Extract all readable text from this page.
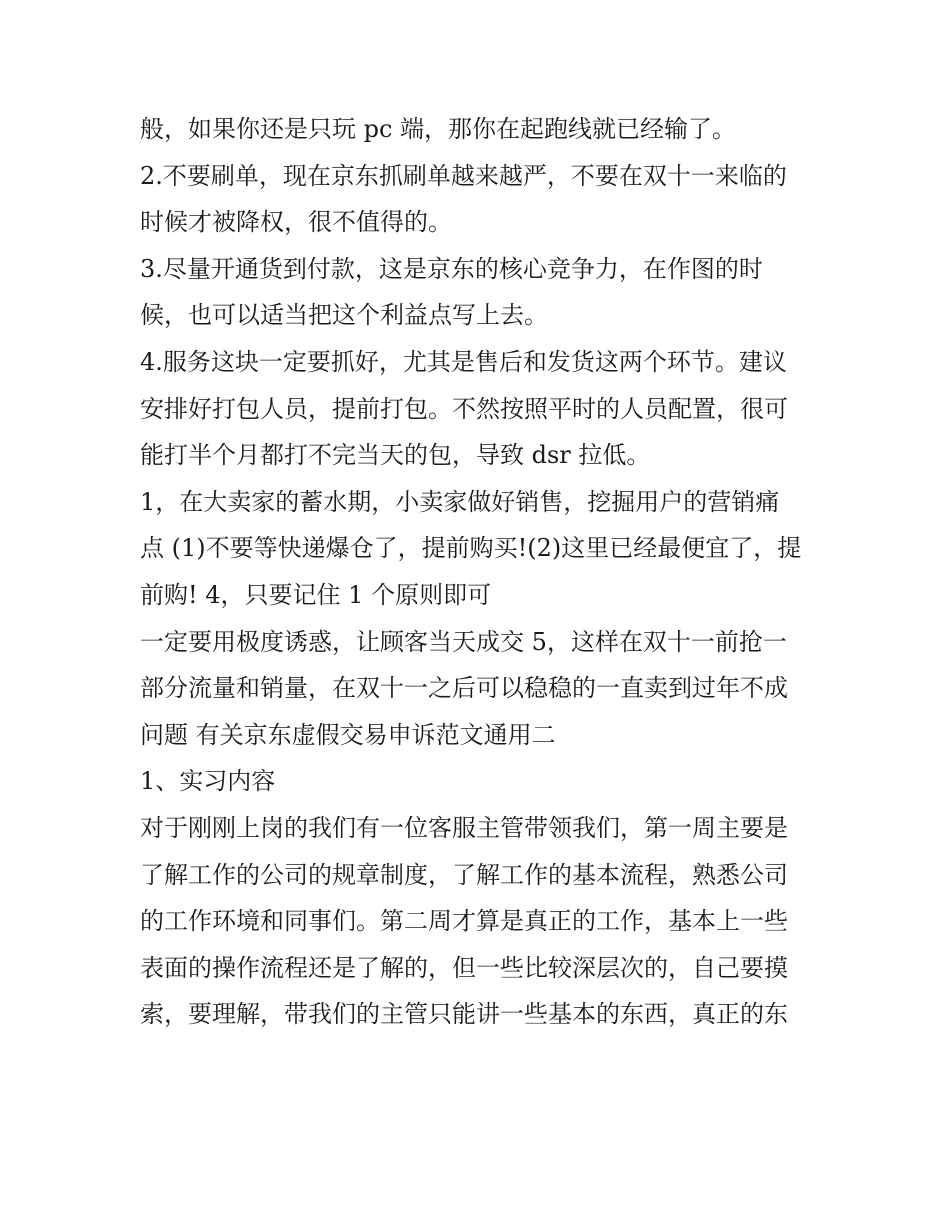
般，如果你还是只玩 pc 端，那你在起跑线就已经输了。
2.不要刷单，现在京东抓刷单越来越严，不要在双十一来临的
时候才被降权，很不值得的。
3.尽量开通货到付款，这是京东的核心竞争力，在作图的时
候，也可以适当把这个利益点写上去。
4.服务这块一定要抓好，尤其是售后和发货这两个环节。建议
安排好打包人员，提前打包。不然按照平时的人员配置，很可
能打半个月都打不完当天的包，导致 dsr 拉低。
1，在大卖家的蓄水期，小卖家做好销售，挖掘用户的营销痛
点 (1)不要等快递爆仓了，提前购买!(2)这里已经最便宜了，提
前购! 4，只要记住 1 个原则即可
一定要用极度诱惑，让顾客当天成交 5，这样在双十一前抢一
部分流量和销量，在双十一之后可以稳稳的一直卖到过年不成
问题 有关京东虚假交易申诉范文通用二
1、实习内容
对于刚刚上岗的我们有一位客服主管带领我们，第一周主要是
了解工作的公司的规章制度，了解工作的基本流程，熟悉公司
的工作环境和同事们。第二周才算是真正的工作，基本上一些
表面的操作流程还是了解的，但一些比较深层次的，自己要摸
索，要理解，带我们的主管只能讲一些基本的东西，真正的东
